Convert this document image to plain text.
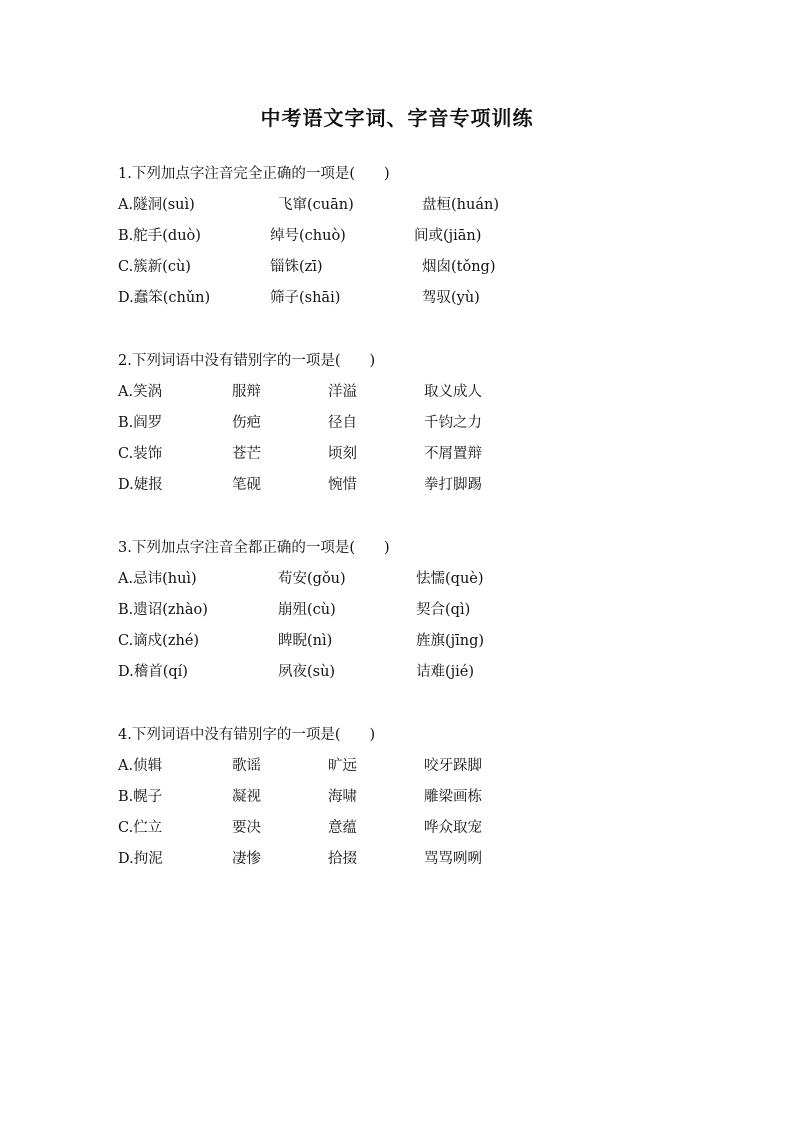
中考语文字词、字音专项训练
1.下列加点字注音完全正确的一项是(　　)
A.隧洞(suì)	飞窜(cuān)	盘桓(huán)
B.舵手(duò)	绰号(chuò)	间或(jiān)
C.簇新(cù)	锱铢(zī)	烟囱(tǒng)
D.蠢笨(chǔn)	筛子(shāi)	驾驭(yù)
2.下列词语中没有错别字的一项是(　　)
A.笑涡	服辩	洋溢	取义成人
B.阎罗	伤疤	径自	千钧之力
C.装饰	苍芒	顷刻	不屑置辩
D.婕报	笔砚	惋惜	拳打脚踢
3.下列加点字注音全都正确的一项是(　　)
A.忌讳(huì)	苟安(gǒu)	怯懦(què)
B.遗诏(zhào)	崩殂(cù)	契合(qì)
C.谪戍(zhé)	睥睨(nì)	旌旗(jīng)
D.稽首(qí)	夙夜(sù)	诘难(jié)
4.下列词语中没有错别字的一项是(　　)
A.侦辑	歌谣	旷远	咬牙跺脚
B.幌子	凝视	海啸	雕梁画栋
C.伫立	要决	意蕴	哗众取宠
D.拘泥	凄惨	拾掇	骂骂咧咧
